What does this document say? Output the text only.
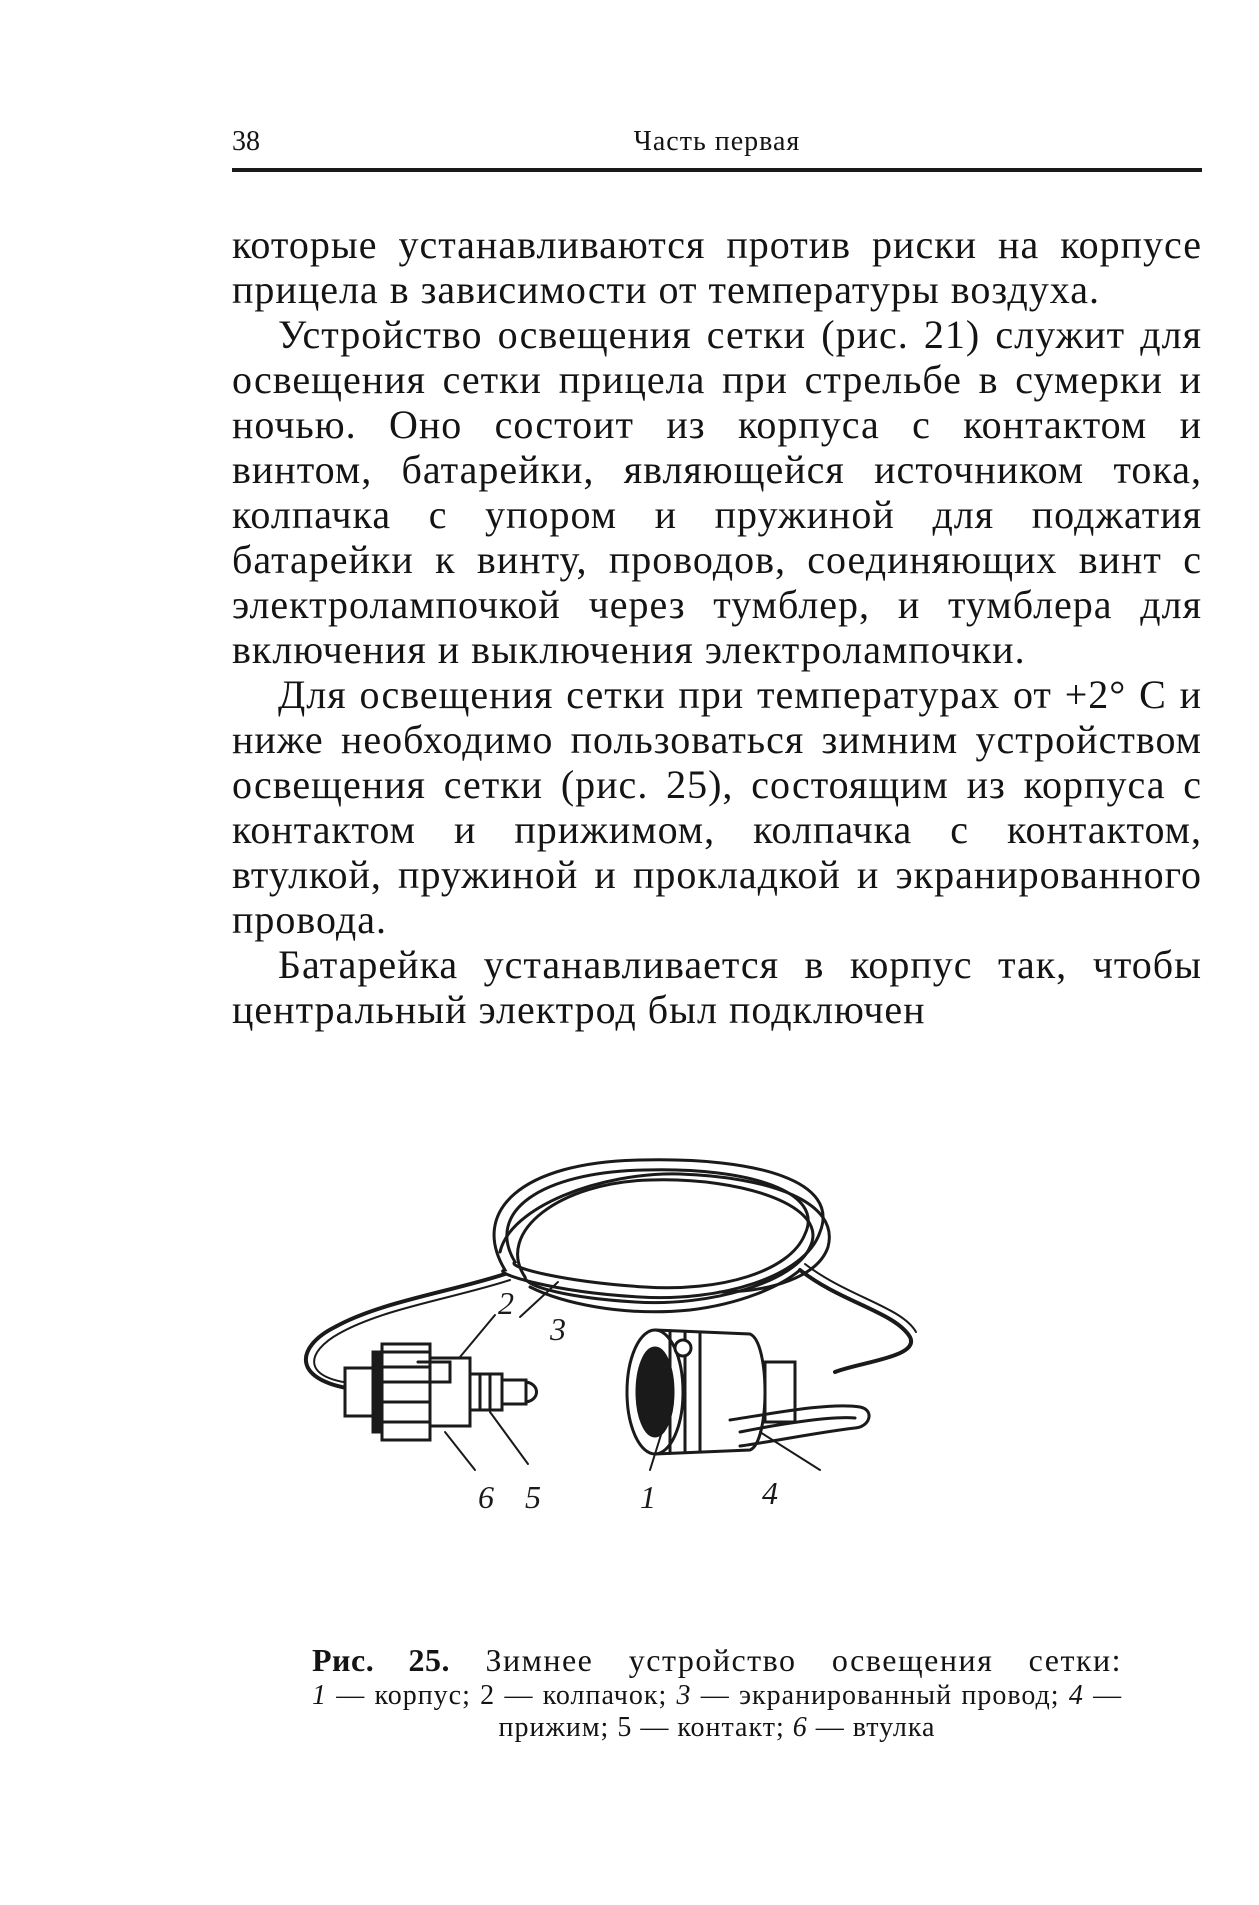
38	Часть первая

которые устанавливаются против риски на корпусе прицела в зависимости от температуры воздуха.

Устройство освещения сетки (рис. 21) служит для освещения сетки прицела при стрельбе в сумерки и ночью. Оно состоит из корпуса с контактом и винтом, батарейки, являющейся источником тока, колпачка с упором и пружиной для поджатия батарейки к винту, проводов, соединяющих винт с электролампочкой через тумблер, и тумблера для включения и выключения электролампочки.

Для освещения сетки при температурах от +2° С и ниже необходимо пользоваться зимним устройством освещения сетки (рис. 25), состоящим из корпуса с контактом и прижимом, колпачка с контактом, втулкой, пружиной и прокладкой и экранированного провода.

Батарейка устанавливается в корпус так, чтобы центральный электрод был подключен

2
3
6 5	1	4
Рис. 25. Зимнее устройство освещения сетки:
1 — корпус; 2 — колпачок; 3 — экранированный провод; 4 — прижим; 5 — контакт; 6 — втулка
